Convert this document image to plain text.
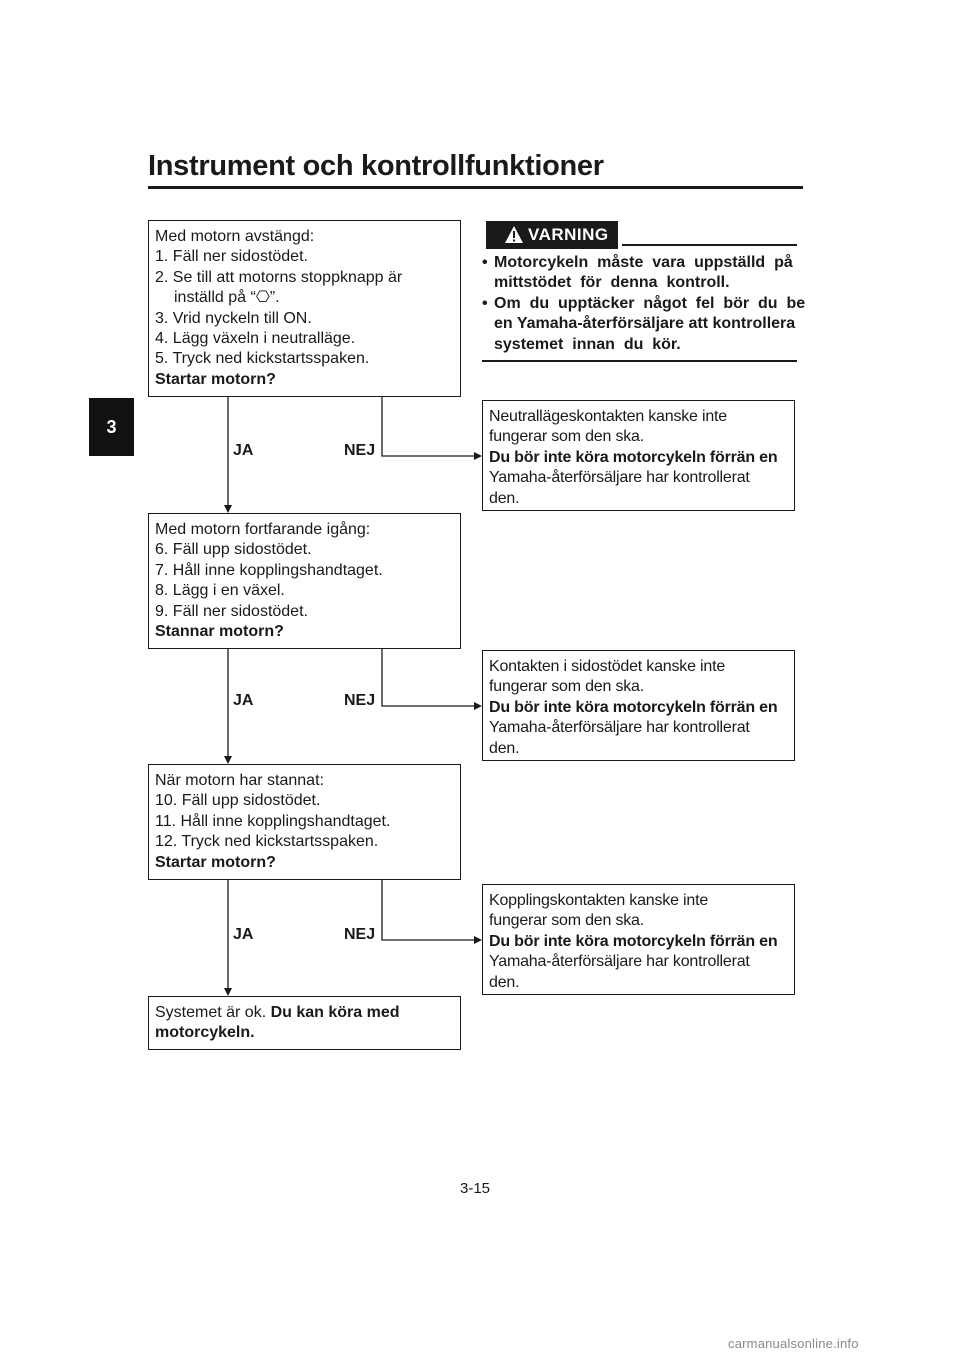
Instrument och kontrollfunktioner
3
VARNING
• Motorcykeln  måste  vara  uppställd  på
mittstödet  för  denna  kontroll.
• Om  du  upptäcker  något  fel  bör  du  be
en Yamaha-återförsäljare att kontrollera
systemet  innan  du  kör.
Med motorn avstängd:
1. Fäll ner sidostödet.
2. Se till att motorns stoppknapp är
inställd på “⎔”.
3. Vrid nyckeln till ON.
4. Lägg växeln i neutralläge.
5. Tryck ned kickstartsspaken.
Startar motorn?
Med motorn fortfarande igång:
6. Fäll upp sidostödet.
7. Håll inne kopplingshandtaget.
8. Lägg i en växel.
9. Fäll ner sidostödet.
Stannar motorn?
När motorn har stannat:
10. Fäll upp sidostödet.
11. Håll inne kopplingshandtaget.
12. Tryck ned kickstartsspaken.
Startar motorn?
Systemet är ok. Du kan köra med
motorcykeln.
Neutrallägeskontakten kanske inte
fungerar som den ska.
Du bör inte köra motorcykeln förrän en
Yamaha-återförsäljare har kontrollerat
den.
Kontakten i sidostödet kanske inte
fungerar som den ska.
Du bör inte köra motorcykeln förrän en
Yamaha-återförsäljare har kontrollerat
den.
Kopplingskontakten kanske inte
fungerar som den ska.
Du bör inte köra motorcykeln förrän en
Yamaha-återförsäljare har kontrollerat
den.
JA	NEJ
JA	NEJ
JA	NEJ
3-15
carmanualsonline.info
